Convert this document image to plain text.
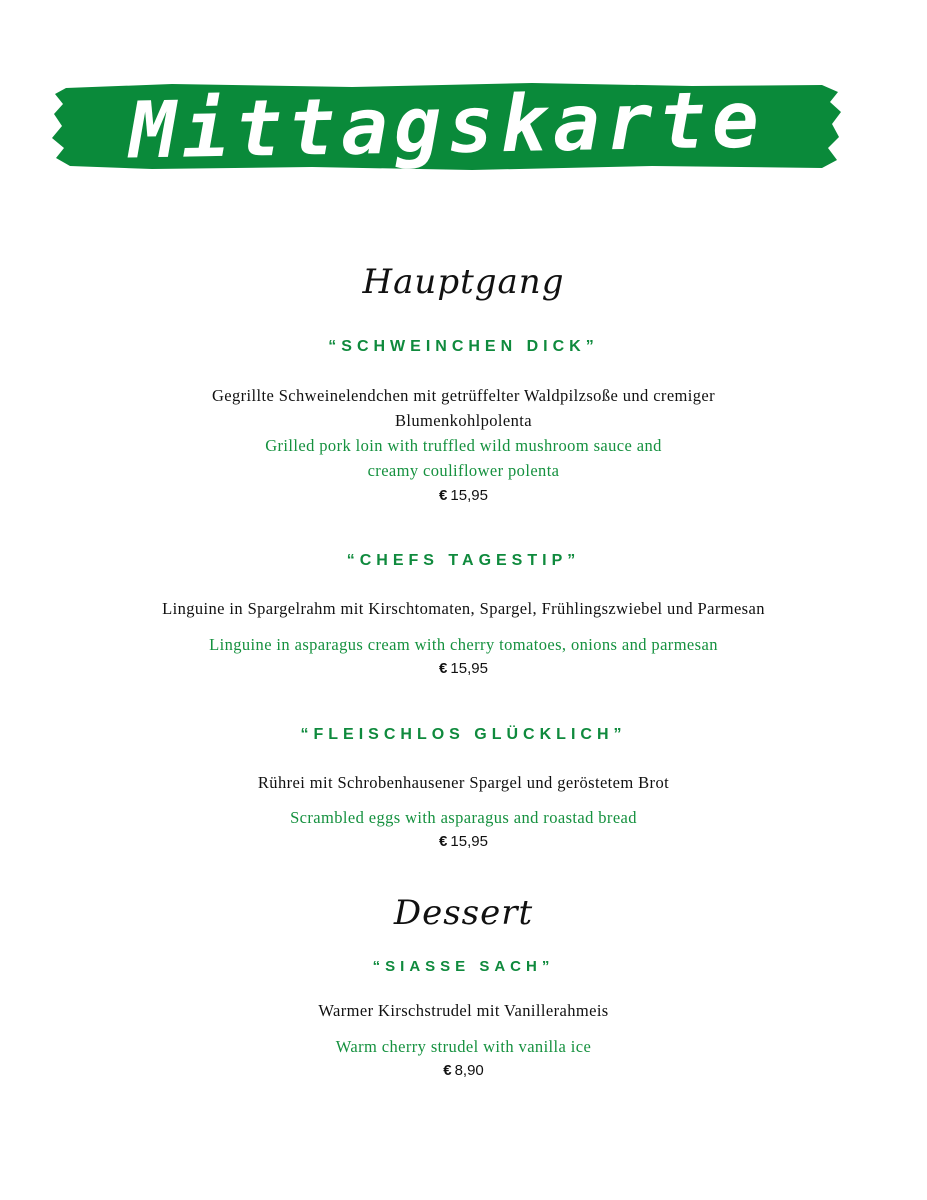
Mittagskarte
Hauptgang
“SCHWEINCHEN DICK”
Gegrillte Schweinelendchen mit getrüffelter Waldpilzsoße und cremiger
Blumenkohlpolenta
Grilled pork loin with truffled wild mushroom sauce and
creamy couliflower polenta
€ 15,95
“CHEFS TAGESTIP”
Linguine in Spargelrahm mit Kirschtomaten, Spargel, Frühlingszwiebel und Parmesan
Linguine in asparagus cream with cherry tomatoes, onions and parmesan
€ 15,95
“FLEISCHLOS GLÜCKLICH”
Rührei mit Schrobenhausener Spargel und geröstetem Brot
Scrambled eggs with asparagus and roastad bread
€ 15,95
Dessert
“SIASSE SACH”
Warmer Kirschstrudel mit Vanillerahmeis
Warm cherry strudel with vanilla ice
€ 8,90
